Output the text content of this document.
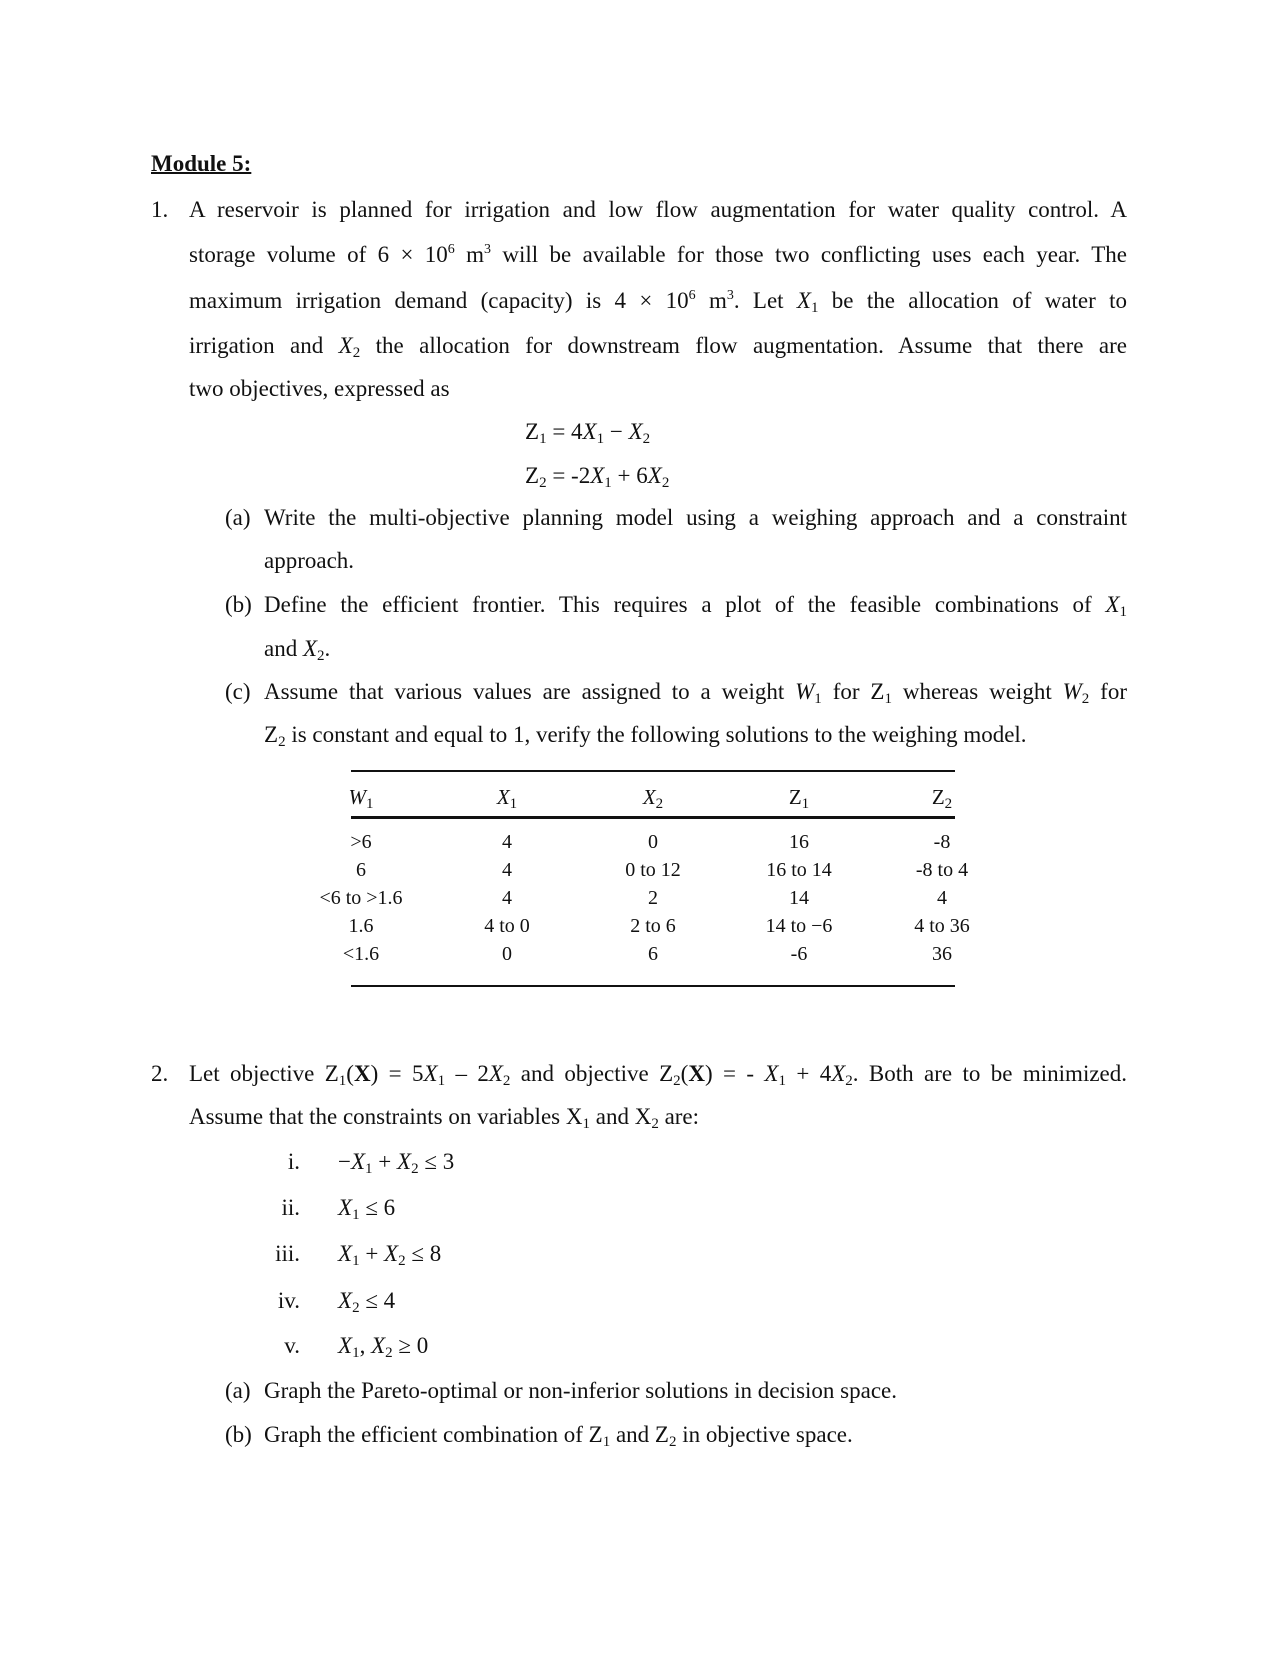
Module 5:
1. A reservoir is planned for irrigation and low flow augmentation for water quality control. A
storage volume of $6 \times 10^6$ $m^3$ will be available for those two conflicting uses each year. The
maximum irrigation demand (capacity) is $4 \times 10^6$ $m^3$. Let $X_1$ be the allocation of water to
irrigation and $X_2$ the allocation for downstream flow augmentation. Assume that there are
two objectives, expressed as
$Z_1 = 4X_1 - X_2$
$Z_2 = -2X_1 + 6X_2$
(a) Write the multi-objective planning model using a weighing approach and a constraint
approach.
(b) Define the efficient frontier. This requires a plot of the feasible combinations of $X_1$
and $X_2$.
(c) Assume that various values are assigned to a weight $W_1$ for $Z_1$ whereas weight $W_2$ for
$Z_2$ is constant and equal to 1, verify the following solutions to the weighing model.
$W_1$	$X_1$	$X_2$	$Z_1$	$Z_2$
>6	4	0	16	-8
6	4	0 to 12	16 to 14	-8 to 4
<6 to >1.6	4	2	14	4
1.6	4 to 0	2 to 6	14 to −6	4 to 36
<1.6	0	6	-6	36
2. Let objective $Z_1(X) = 5X_1 - 2X_2$ and objective $Z_2(X)$ = - $X_1 + 4X_2$. Both are to be minimized.
Assume that the constraints on variables $X_1$ and $X_2$ are:
i. $-X_1 + X_2 \le 3$
ii. $X_1 \le 6$
iii. $X_1 + X_2 \le 8$
iv. $X_2 \le 4$
v. $X_1$, $X_2 \ge 0$
(a) Graph the Pareto-optimal or non-inferior solutions in decision space.
(b) Graph the efficient combination of $Z_1$ and $Z_2$ in objective space.
